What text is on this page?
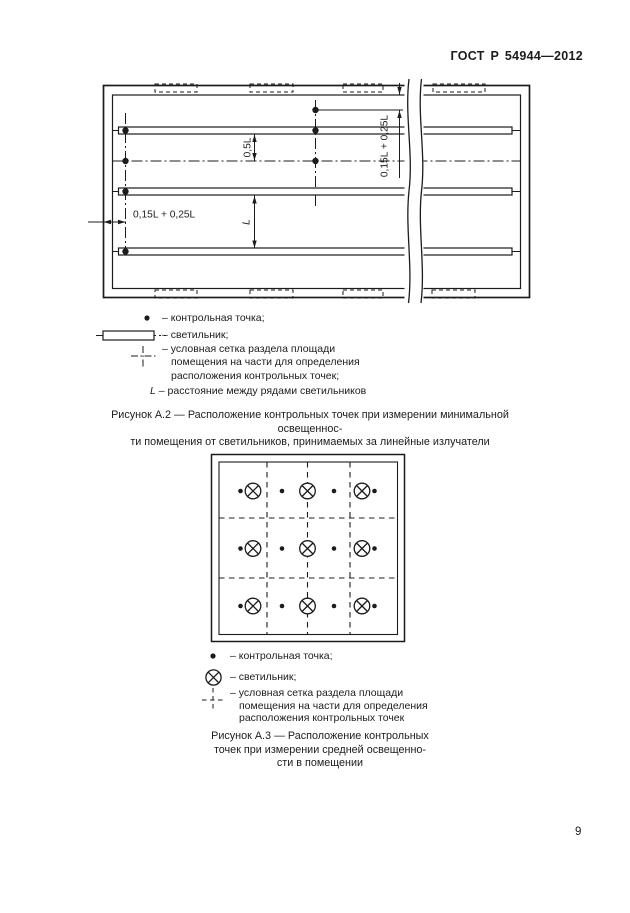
ГОСТ Р 54944—2012
0,5L
L
0,15L + 0,25L
0,15L + 0,25L
– контрольная точка;
– светильник;
– условная сетка раздела площади
помещения на части для определения
расположения контрольных точек;
L – расстояние между рядами светильников
Рисунок А.2 — Расположение контрольных точек при измерении минимальной освещеннос-
ти помещения от светильников, принимаемых за линейные излучатели
– контрольная точка;
– светильник;
– условная сетка раздела площади
помещения на части для определения
расположения контрольных точек
Рисунок А.3 — Расположение контрольных
точек при измерении средней освещенно-
сти в помещении
9
